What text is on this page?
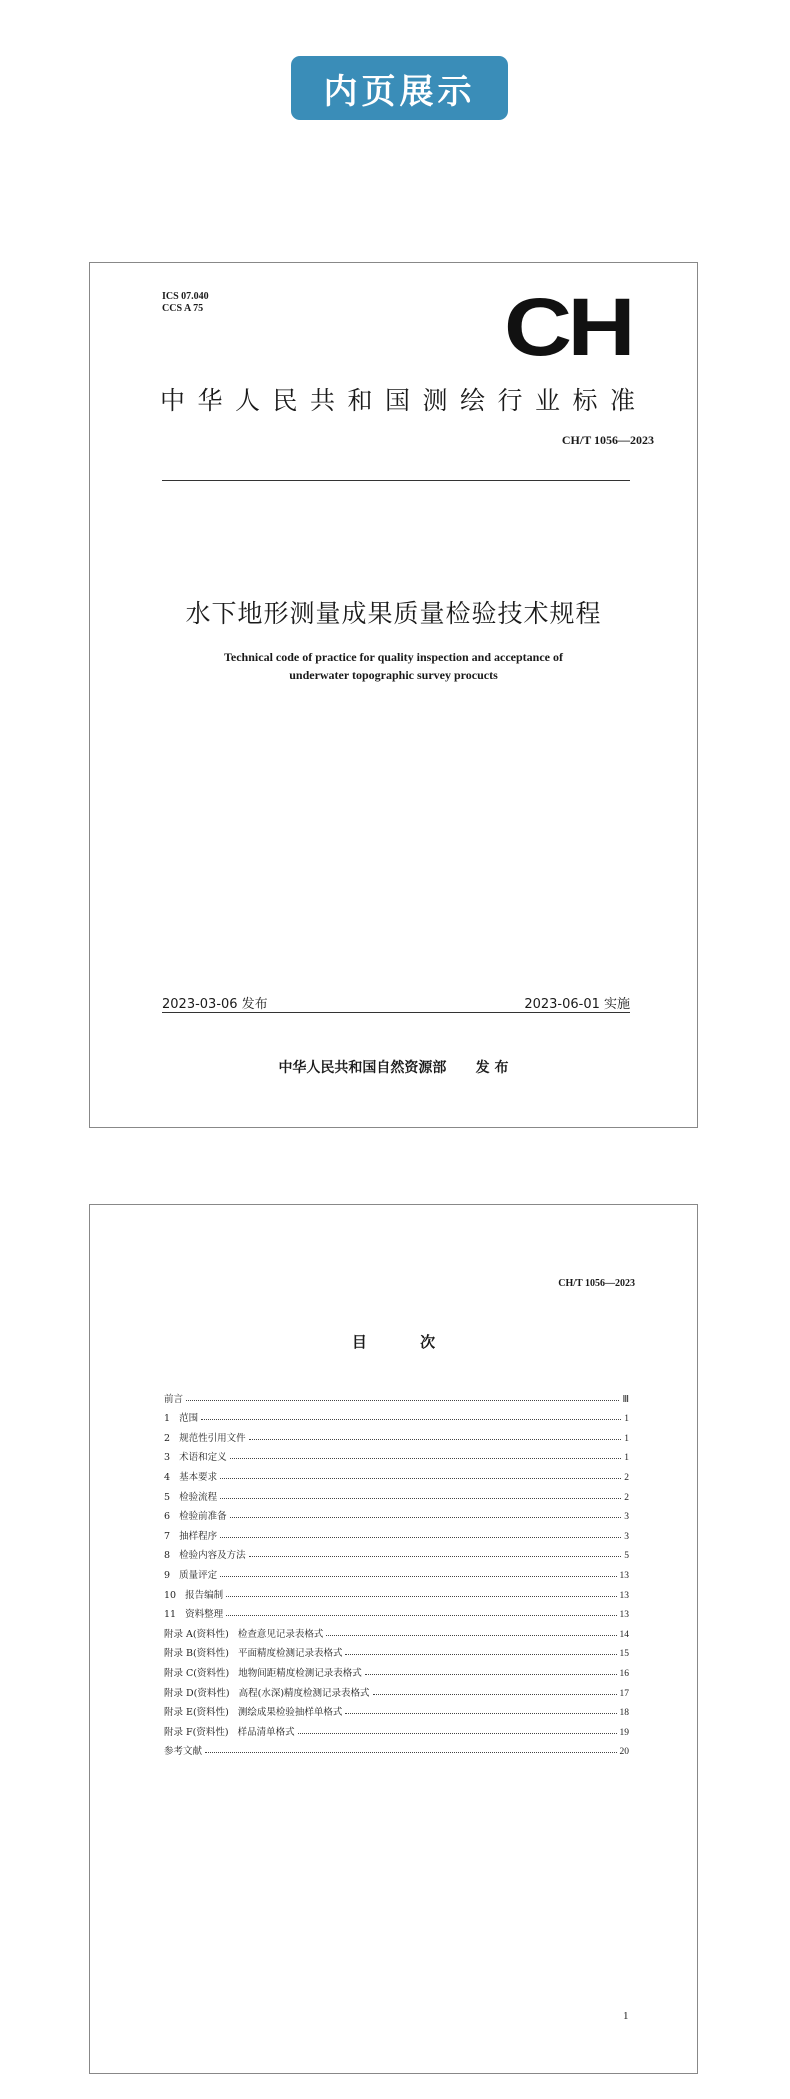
内页展示
ICS 07.040
CCS A 75	CH
中华人民共和国测绘行业标准
CH/T 1056—2023
水下地形测量成果质量检验技术规程
Technical code of practice for quality inspection and acceptance of
underwater topographic survey procucts
2023-03-06 发布	2023-06-01 实施
中华人民共和国自然资源部      发 布
CH/T 1056—2023
目 次
前言	Ⅲ
1   范围	1
2   规范性引用文件	1
3   术语和定义	1
4   基本要求	2
5   检验流程	2
6   检验前准备	3
7   抽样程序	3
8   检验内容及方法	5
9   质量评定	13
10   报告编制	13
11   资料整理	13
附录 A(资料性)   检查意见记录表格式	14
附录 B(资料性)   平面精度检测记录表格式	15
附录 C(资料性)   地物间距精度检测记录表格式	16
附录 D(资料性)   高程(水深)精度检测记录表格式	17
附录 E(资料性)   测绘成果检验抽样单格式	18
附录 F(资料性)   样品清单格式	19
参考文献	20
1
